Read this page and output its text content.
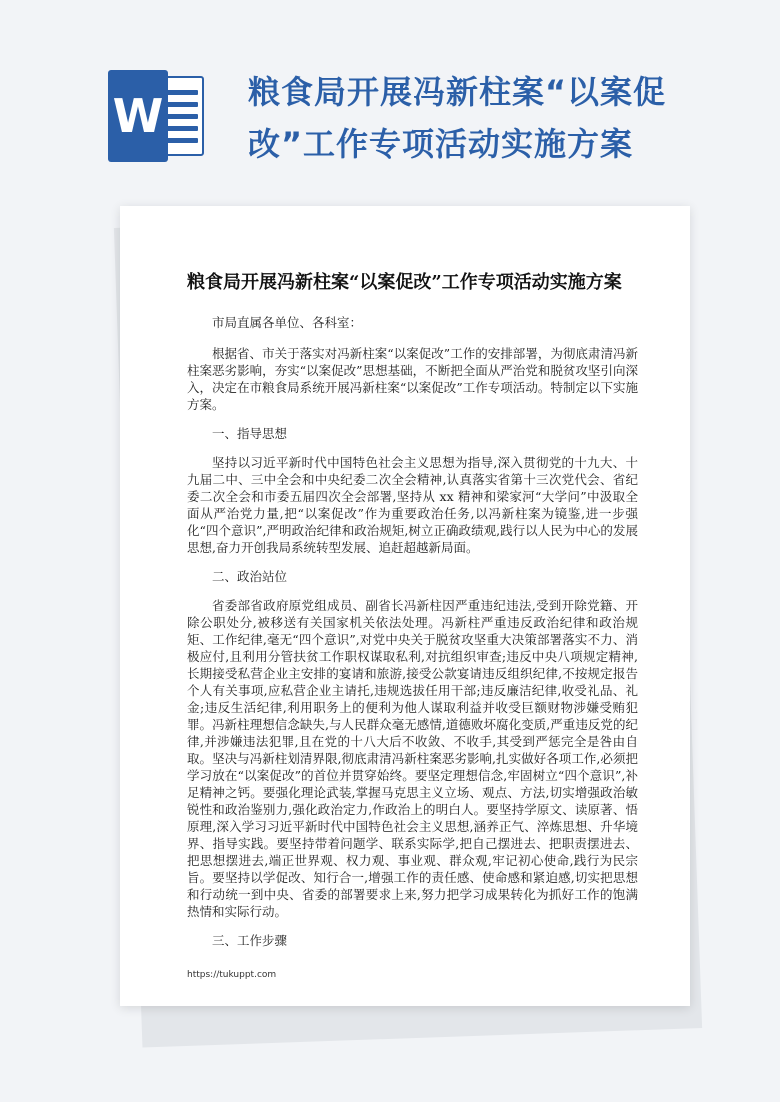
W	粮食局开展冯新柱案“以案促
改”工作专项活动实施方案
粮食局开展冯新柱案“以案促改”工作专项活动实施方案

市局直属各单位、各科室：

根据省、市关于落实对冯新柱案“以案促改”工作的安排部署，为彻底肃清冯新柱案恶劣影响，夯实“以案促改”思想基础，不断把全面从严治党和脱贫攻坚引向深入，决定在市粮食局系统开展冯新柱案“以案促改”工作专项活动。特制定以下实施方案。

一、指导思想

坚持以习近平新时代中国特色社会主义思想为指导,深入贯彻党的十九大、十九届二中、三中全会和中央纪委二次全会精神,认真落实省第十三次党代会、省纪委二次全会和市委五届四次全会部署,坚持从 xx 精神和梁家河“大学问”中汲取全面从严治党力量,把“以案促改”作为重要政治任务,以冯新柱案为镜鉴,进一步强化“四个意识”,严明政治纪律和政治规矩,树立正确政绩观,践行以人民为中心的发展思想,奋力开创我局系统转型发展、追赶超越新局面。

二、政治站位

省委部省政府原党组成员、副省长冯新柱因严重违纪违法,受到开除党籍、开除公职处分,被移送有关国家机关依法处理。冯新柱严重违反政治纪律和政治规矩、工作纪律,毫无“四个意识”,对党中央关于脱贫攻坚重大决策部署落实不力、消极应付,且利用分管扶贫工作职权谋取私利,对抗组织审查;违反中央八项规定精神,长期接受私营企业主安排的宴请和旅游,接受公款宴请违反组织纪律,不按规定报告个人有关事项,应私营企业主请托,违规选拔任用干部;违反廉洁纪律,收受礼品、礼金;违反生活纪律,利用职务上的便利为他人谋取利益并收受巨额财物涉嫌受贿犯罪。冯新柱理想信念缺失,与人民群众毫无感情,道德败坏腐化变质,严重违反党的纪律,并涉嫌违法犯罪,且在党的十八大后不收敛、不收手,其受到严惩完全是咎由自取。坚决与冯新柱划清界限,彻底肃清冯新柱案恶劣影响,扎实做好各项工作,必须把学习放在“以案促改”的首位并贯穿始终。要坚定理想信念,牢固树立“四个意识”,补足精神之钙。要强化理论武装,掌握马克思主义立场、观点、方法,切实增强政治敏锐性和政治鉴别力,强化政治定力,作政治上的明白人。要坚持学原文、读原著、悟原理,深入学习习近平新时代中国特色社会主义思想,涵养正气、淬炼思想、升华境界、指导实践。要坚持带着问题学、联系实际学,把自己摆进去、把职责摆进去、把思想摆进去,端正世界观、权力观、事业观、群众观,牢记初心使命,践行为民宗旨。要坚持以学促改、知行合一,增强工作的责任感、使命感和紧迫感,切实把思想和行动统一到中央、省委的部署要求上来,努力把学习成果转化为抓好工作的饱满热情和实际行动。

三、工作步骤

https://tukuppt.com
